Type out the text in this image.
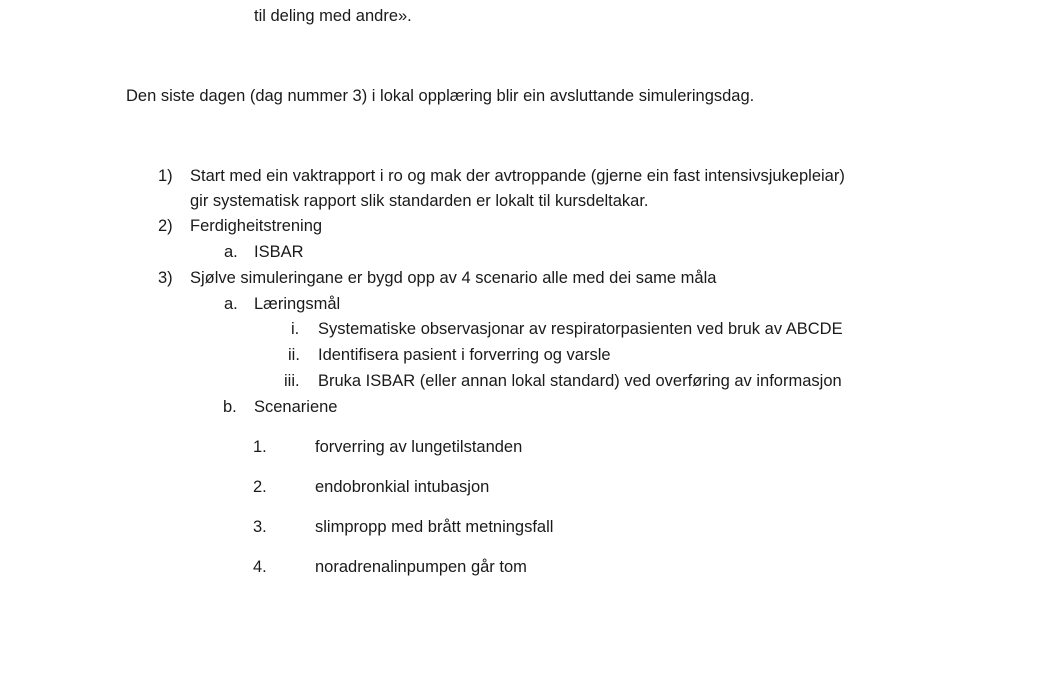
til deling med andre».
Den siste dagen (dag nummer 3) i lokal opplæring blir ein avsluttande simuleringsdag.
1) Start med ein vaktrapport i ro og mak der avtroppande (gjerne ein fast intensivsjukepleiar)
gir systematisk rapport slik standarden er lokalt til kursdeltakar.
2) Ferdigheitstrening
a. ISBAR
3) Sjølve simuleringane er bygd opp av 4 scenario alle med dei same måla
a. Læringsmål
i. Systematiske observasjonar av respiratorpasienten ved bruk av ABCDE
ii. Identifisera pasient i forverring og varsle
iii. Bruka ISBAR (eller annan lokal standard) ved overføring av informasjon
b. Scenariene
1.	forverring av lungetilstanden
2.	endobronkial intubasjon
3.	slimpropp med brått metningsfall
4.	noradrenalinpumpen går tom
